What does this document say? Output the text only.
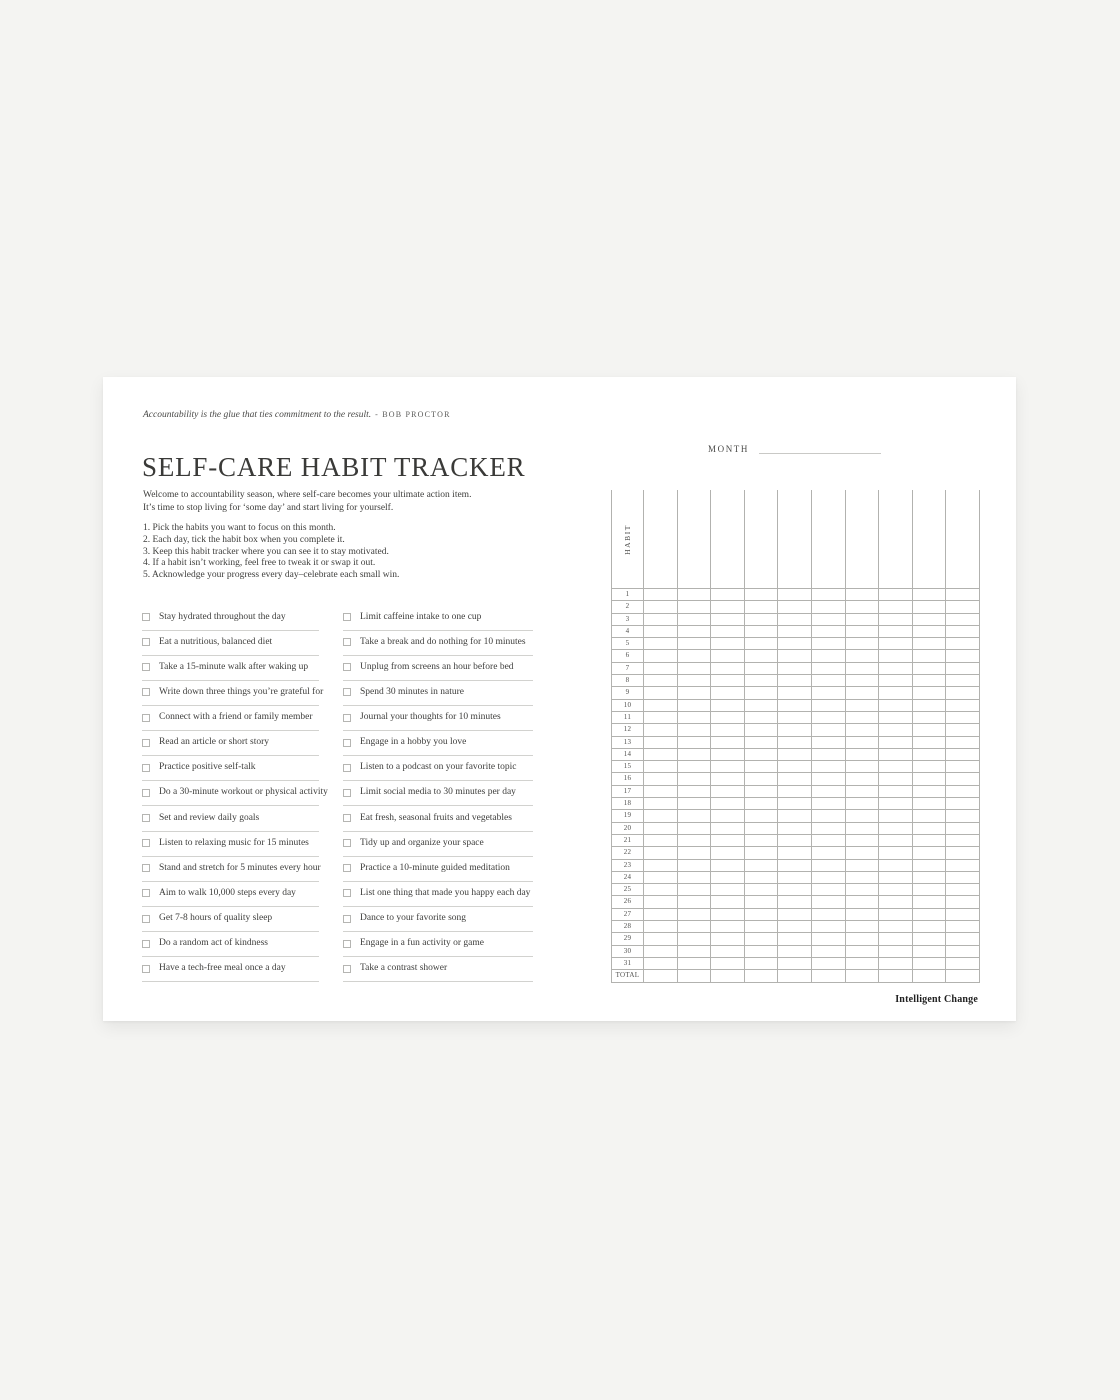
Accountability is the glue that ties commitment to the result. - BOB PROCTOR
SELF-CARE HABIT TRACKER
MONTH
Welcome to accountability season, where self-care becomes your ultimate action item.
It’s time to stop living for ‘some day’ and start living for yourself.
1. Pick the habits you want to focus on this month.
2. Each day, tick the habit box when you complete it.
3. Keep this habit tracker where you can see it to stay motivated.
4. If a habit isn’t working, feel free to tweak it or swap it out.
5. Acknowledge your progress every day–celebrate each small win.
Stay hydrated throughout the day
Eat a nutritious, balanced diet
Take a 15-minute walk after waking up
Write down three things you’re grateful for
Connect with a friend or family member
Read an article or short story
Practice positive self-talk
Do a 30-minute workout or physical activity
Set and review daily goals
Listen to relaxing music for 15 minutes
Stand and stretch for 5 minutes every hour
Aim to walk 10,000 steps every day
Get 7-8 hours of quality sleep
Do a random act of kindness
Have a tech-free meal once a day
Limit caffeine intake to one cup
Take a break and do nothing for 10 minutes
Unplug from screens an hour before bed
Spend 30 minutes in nature
Journal your thoughts for 10 minutes
Engage in a hobby you love
Listen to a podcast on your favorite topic
Limit social media to 30 minutes per day
Eat fresh, seasonal fruits and vegetables
Tidy up and organize your space
Practice a 10-minute guided meditation
List one thing that made you happy each day
Dance to your favorite song
Engage in a fun activity or game
Take a contrast shower
HABIT
1
2
3
4
5
6
7
8
9
10
11
12
13
14
15
16
17
18
19
20
21
22
23
24
25
26
27
28
29
30
31
TOTAL
Intelligent Change
